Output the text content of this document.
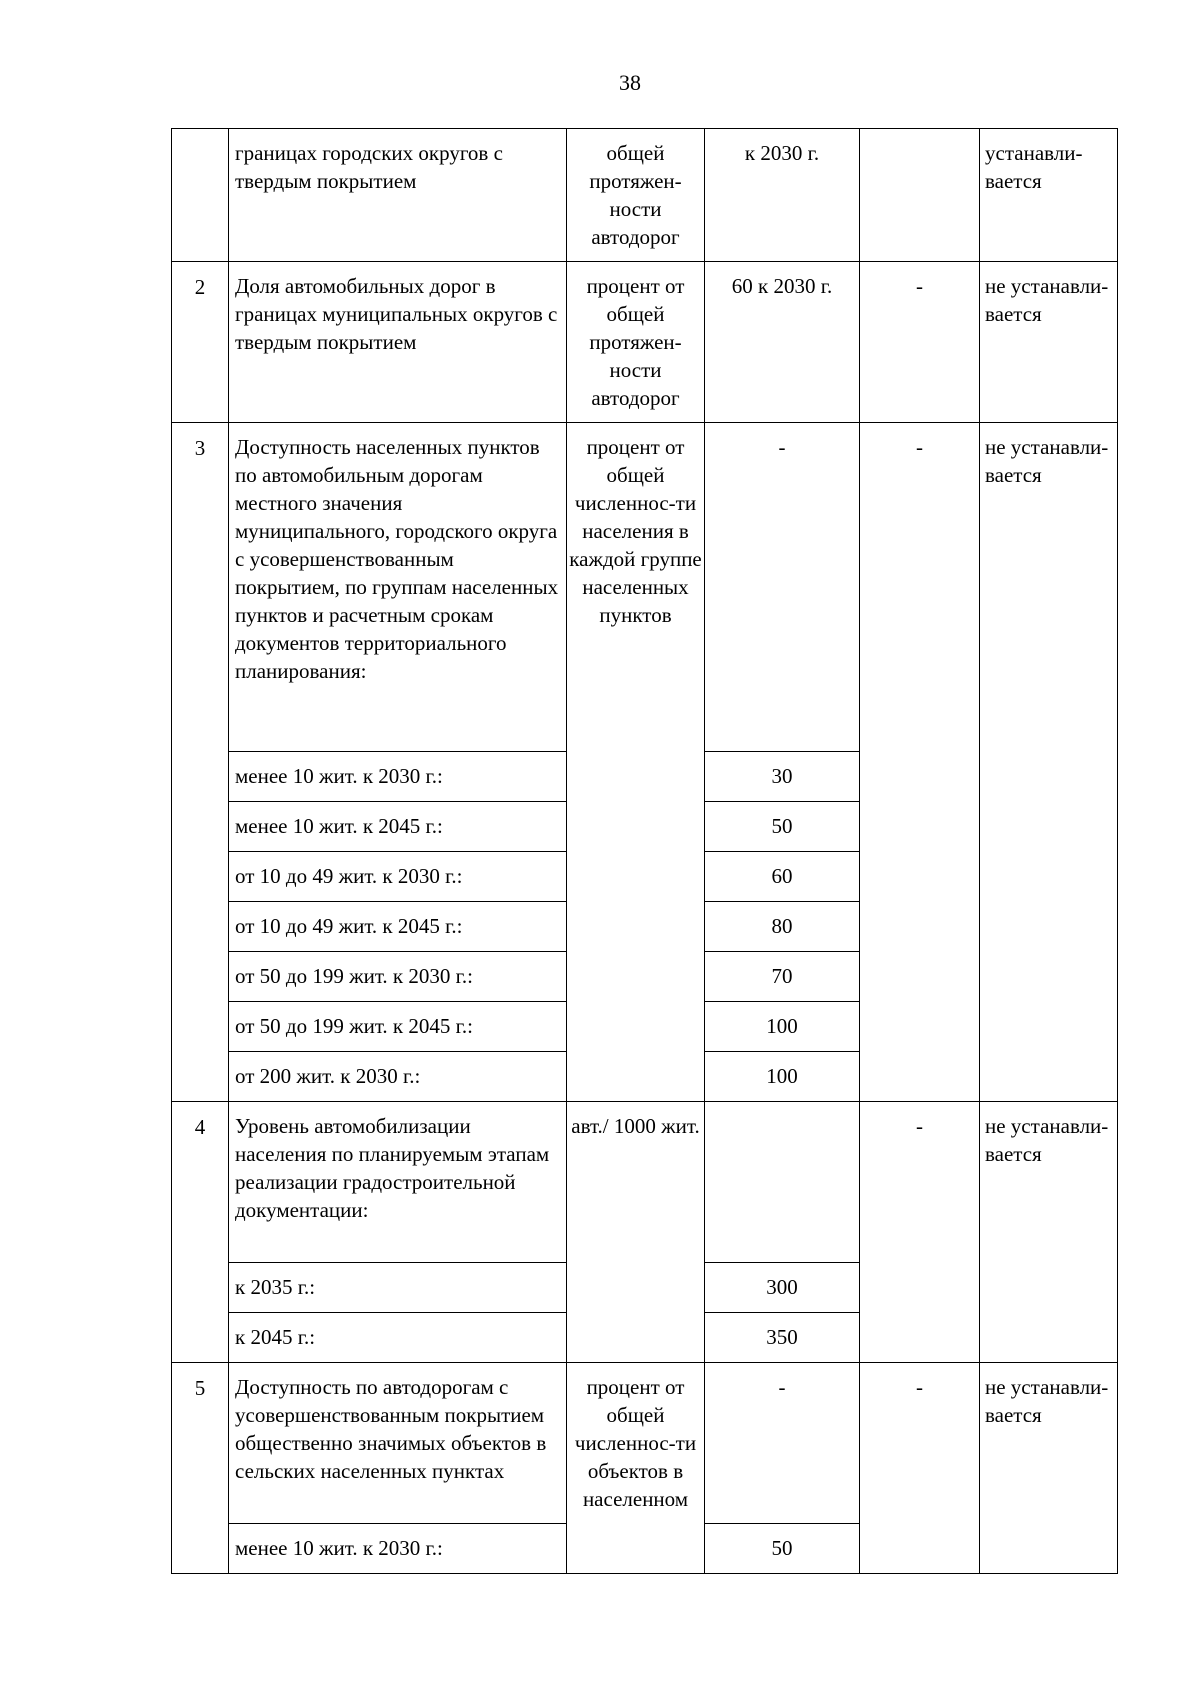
38
	границах городских округов с твердым покрытием	общей протяжен-ности автодорог	к 2030 г.		устанавли-вается
2	Доля автомобильных дорог в границах муниципальных округов с твердым покрытием	процент от общей протяжен-ности автодорог	60 к 2030 г.	-	не устанавли-вается
3	Доступность населенных пунктов по автомобильным дорогам местного значения муниципального, городского округа с усовершенствованным покрытием, по группам населенных пунктов и расчетным срокам документов территориального планирования:	процент от общей численнос-ти населения в каждой группе населенных пунктов	-	-	не устанавли-вается
	менее 10 жит. к 2030 г.:		30		
	менее 10 жит. к 2045 г.:		50		
	от 10 до 49 жит. к 2030 г.:		60		
	от 10 до 49 жит. к 2045 г.:		80		
	от 50 до 199 жит. к 2030 г.:		70		
	от 50 до 199 жит. к 2045 г.:		100		
	от 200 жит. к 2030 г.:		100		
4	Уровень автомобилизации населения по планируемым этапам реализации градостроительной документации:	авт./ 1000 жит.		-	не устанавли-вается
	к 2035 г.:		300		
	к 2045 г.:		350		
5	Доступность по автодорогам с усовершенствованным покрытием общественно значимых объектов в сельских населенных пунктах	процент от общей численнос-ти объектов в населенном	-	-	не устанавли-вается
	менее 10 жит. к 2030 г.:		50		
